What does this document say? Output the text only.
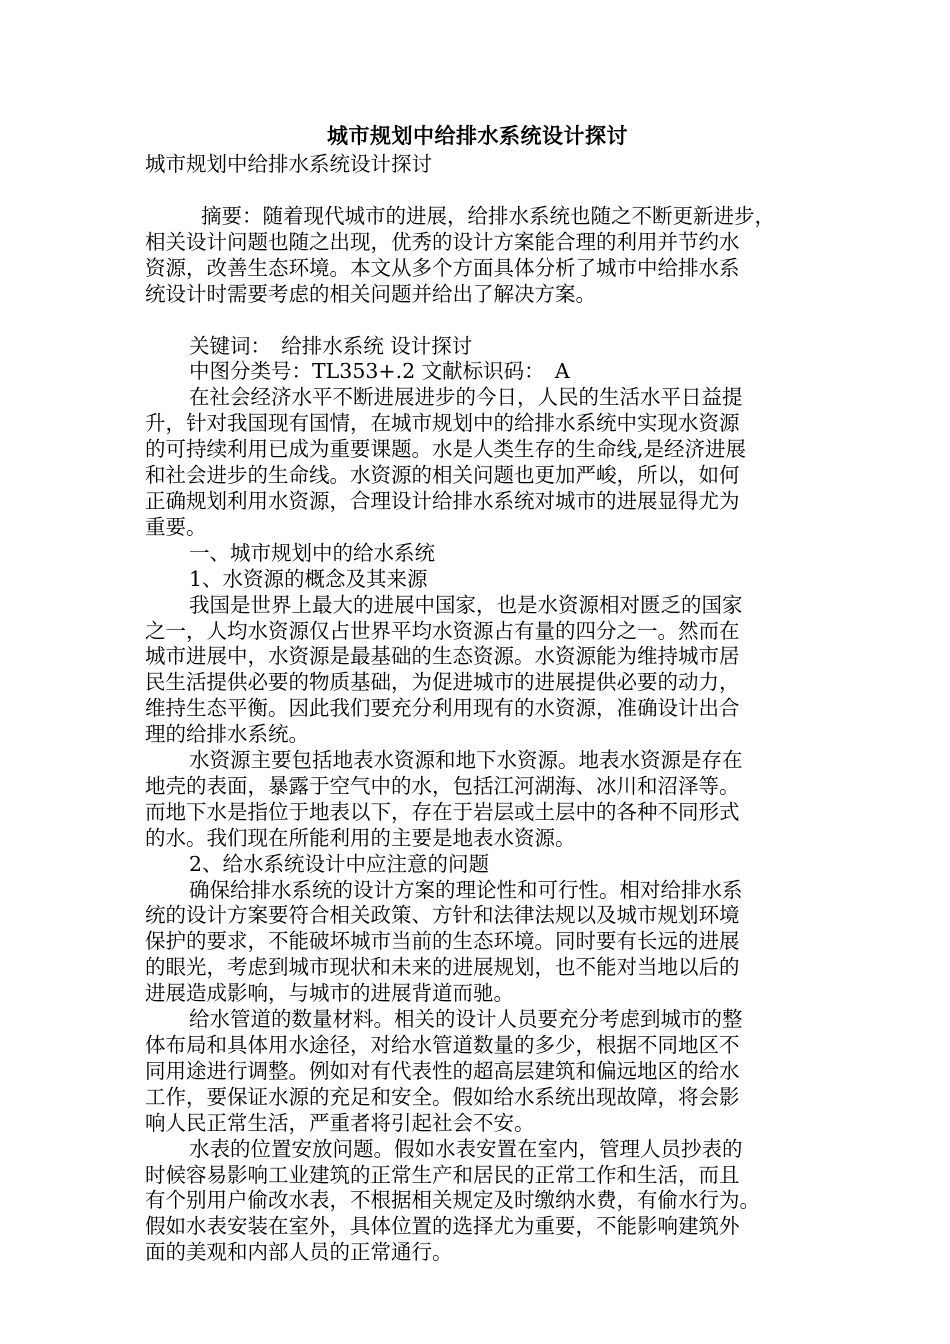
城市规划中给排水系统设计探讨

城市规划中给排水系统设计探讨

摘要：随着现代城市的进展，给排水系统也随之不断更新进步，

相关设计问题也随之出现，优秀的设计方案能合理的利用并节约水

资源，改善生态环境。本文从多个方面具体分析了城市中给排水系

统设计时需要考虑的相关问题并给出了解决方案。

关键词：　给排水系统 设计探讨

中图分类号：TL353+.2 文献标识码：　A

在社会经济水平不断进展进步的今日，人民的生活水平日益提

升，针对我国现有国情，在城市规划中的给排水系统中实现水资源

的可持续利用已成为重要课题。水是人类生存的生命线,是经济进展

和社会进步的生命线。水资源的相关问题也更加严峻，所以，如何

正确规划利用水资源，合理设计给排水系统对城市的进展显得尤为

重要。

一、城市规划中的给水系统

1、水资源的概念及其来源

我国是世界上最大的进展中国家，也是水资源相对匮乏的国家

之一，人均水资源仅占世界平均水资源占有量的四分之一。然而在

城市进展中，水资源是最基础的生态资源。水资源能为维持城市居

民生活提供必要的物质基础，为促进城市的进展提供必要的动力，

维持生态平衡。因此我们要充分利用现有的水资源，准确设计出合

理的给排水系统。

水资源主要包括地表水资源和地下水资源。地表水资源是存在

地壳的表面，暴露于空气中的水，包括江河湖海、冰川和沼泽等。

而地下水是指位于地表以下，存在于岩层或土层中的各种不同形式

的水。我们现在所能利用的主要是地表水资源。

2、给水系统设计中应注意的问题

确保给排水系统的设计方案的理论性和可行性。相对给排水系

统的设计方案要符合相关政策、方针和法律法规以及城市规划环境

保护的要求，不能破坏城市当前的生态环境。同时要有长远的进展

的眼光，考虑到城市现状和未来的进展规划，也不能对当地以后的

进展造成影响，与城市的进展背道而驰。

给水管道的数量材料。相关的设计人员要充分考虑到城市的整

体布局和具体用水途径，对给水管道数量的多少，根据不同地区不

同用途进行调整。例如对有代表性的超高层建筑和偏远地区的给水

工作，要保证水源的充足和安全。假如给水系统出现故障，将会影

响人民正常生活，严重者将引起社会不安。

水表的位置安放问题。假如水表安置在室内，管理人员抄表的

时候容易影响工业建筑的正常生产和居民的正常工作和生活，而且

有个别用户偷改水表，不根据相关规定及时缴纳水费，有偷水行为。

假如水表安装在室外，具体位置的选择尤为重要，不能影响建筑外

面的美观和内部人员的正常通行。
